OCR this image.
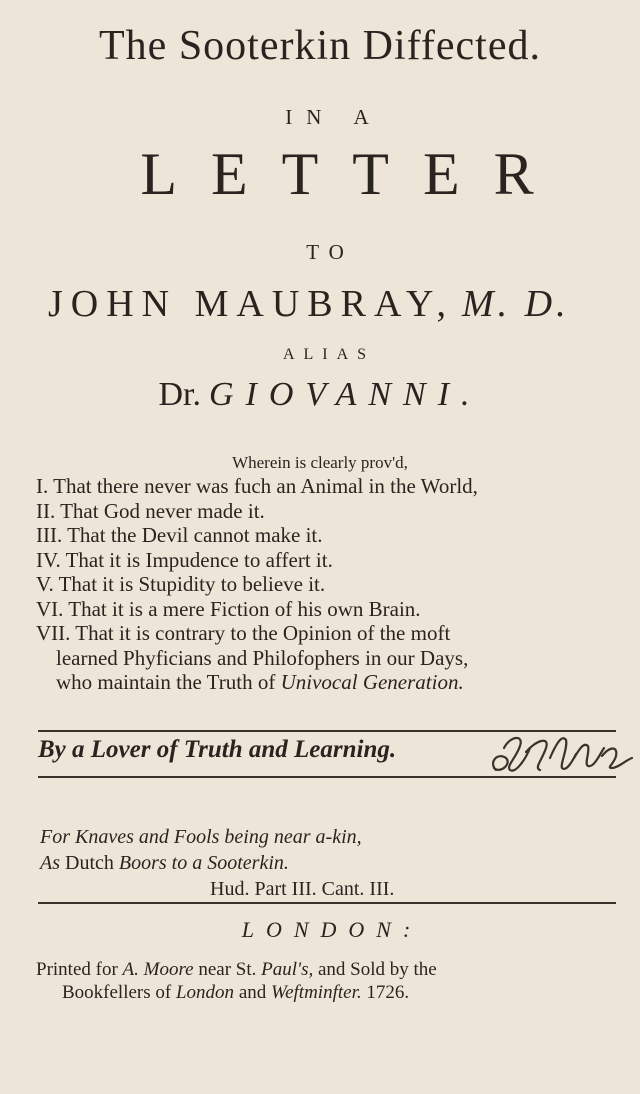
The Sooterkin Diffected.
IN A
LETTER
TO
JOHN MAUBRAY, M. D.
ALIAS
Dr. GIOVANNI.
Wherein is clearly prov'd,
I. That there never was fuch an Animal in the World,
II. That God never made it.
III. That the Devil cannot make it.
IV. That it is Impudence to affert it.
V. That it is Stupidity to believe it.
VI. That it is a mere Fiction of his own Brain.
VII. That it is contrary to the Opinion of the moft
learned Phyficians and Philofophers in our Days,
who maintain the Truth of Univocal Generation.
By a Lover of Truth and Learning.
For Knaves and Fools being near a-kin,
As Dutch Boors to a Sooterkin.
Hud. Part III. Cant. III.
LONDON:
Printed for A. Moore near St. Paul's, and Sold by the
Bookfellers of London and Weftminfter. 1726.
